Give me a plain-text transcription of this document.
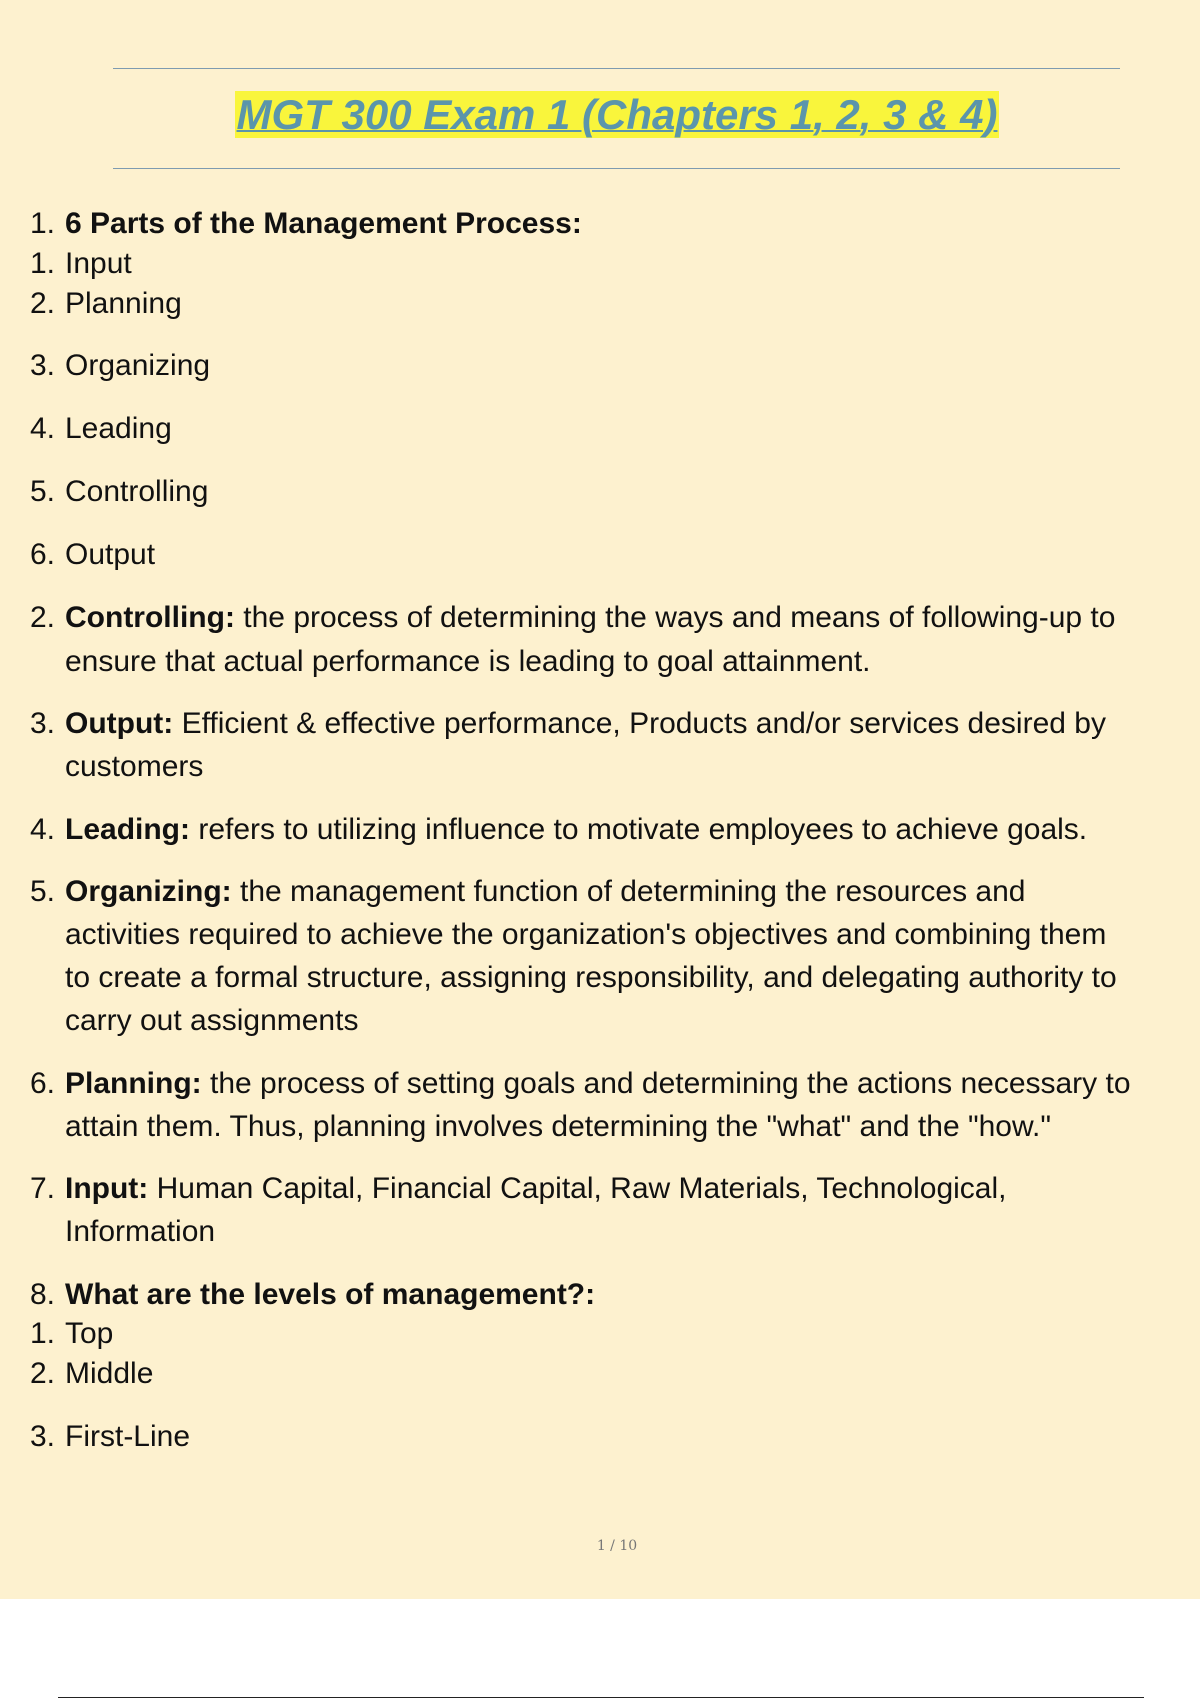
MGT 300 Exam 1 (Chapters 1, 2, 3 & 4)
1. 6 Parts of the Management Process:
1. Input
2. Planning
3. Organizing
4. Leading
5. Controlling
6. Output
2. Controlling: the process of determining the ways and means of following-up to
ensure that actual performance is leading to goal attainment.
3. Output: Efficient & effective performance, Products and/or services desired by
customers
4. Leading: refers to utilizing influence to motivate employees to achieve goals.
5. Organizing: the management function of determining the resources and
activities required to achieve the organization's objectives and combining them
to create a formal structure, assigning responsibility, and delegating authority to
carry out assignments
6. Planning: the process of setting goals and determining the actions necessary to
attain them. Thus, planning involves determining the "what" and the "how."
7. Input: Human Capital, Financial Capital, Raw Materials, Technological,
Information
8. What are the levels of management?:
1. Top
2. Middle
3. First-Line
1 / 10
